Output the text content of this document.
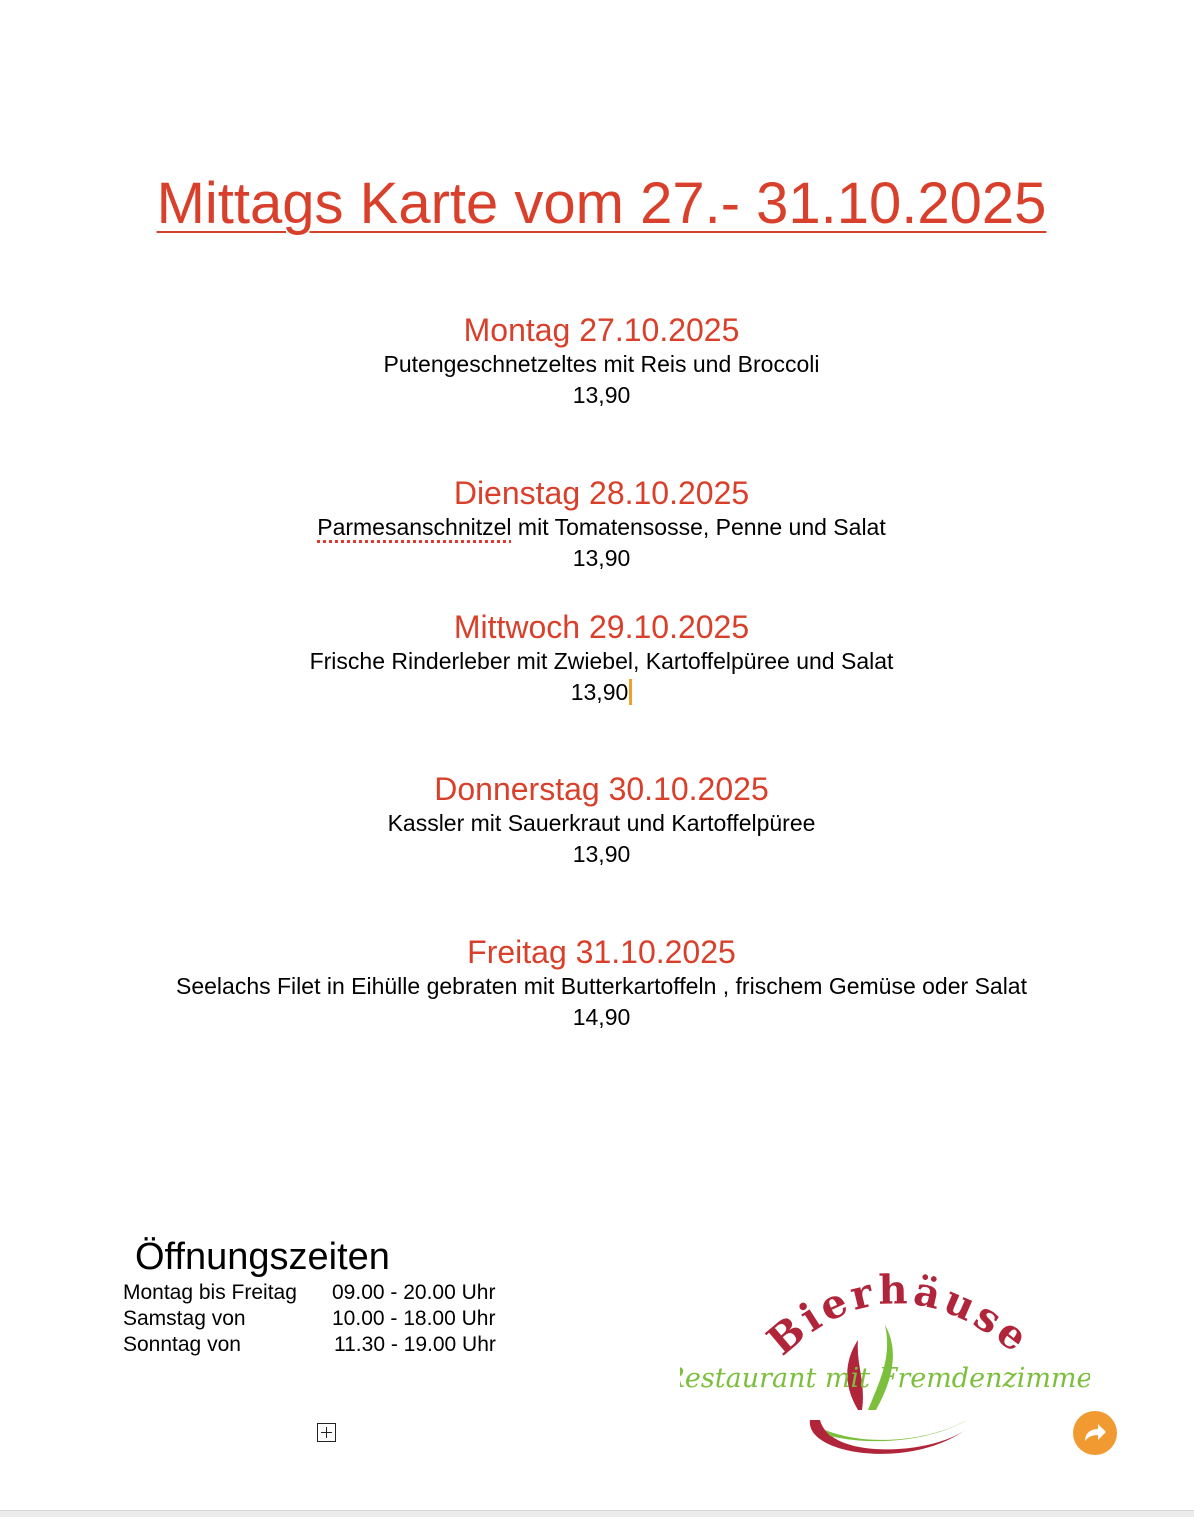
Mittags Karte vom 27.- 31.10.2025
Montag 27.10.2025
Putengeschnetzeltes mit Reis und Broccoli
13,90
Dienstag 28.10.2025
Parmesanschnitzel mit Tomatensosse, Penne und Salat
13,90
Mittwoch 29.10.2025
Frische Rinderleber mit Zwiebel, Kartoffelpüree und Salat
13,90
Donnerstag 30.10.2025
Kassler mit Sauerkraut und Kartoffelpüree
13,90
Freitag 31.10.2025
Seelachs Filet in Eihülle gebraten mit Butterkartoffeln , frischem Gemüse oder Salat
14,90
Öffnungszeiten
Montag bis Freitag 09.00 - 20.00 Uhr
Samstag von	10.00 - 18.00 Uhr
Sonntag von	11.30 - 19.00 Uhr	Bierhäuse
Restaurant mit Fremdenzimmer
